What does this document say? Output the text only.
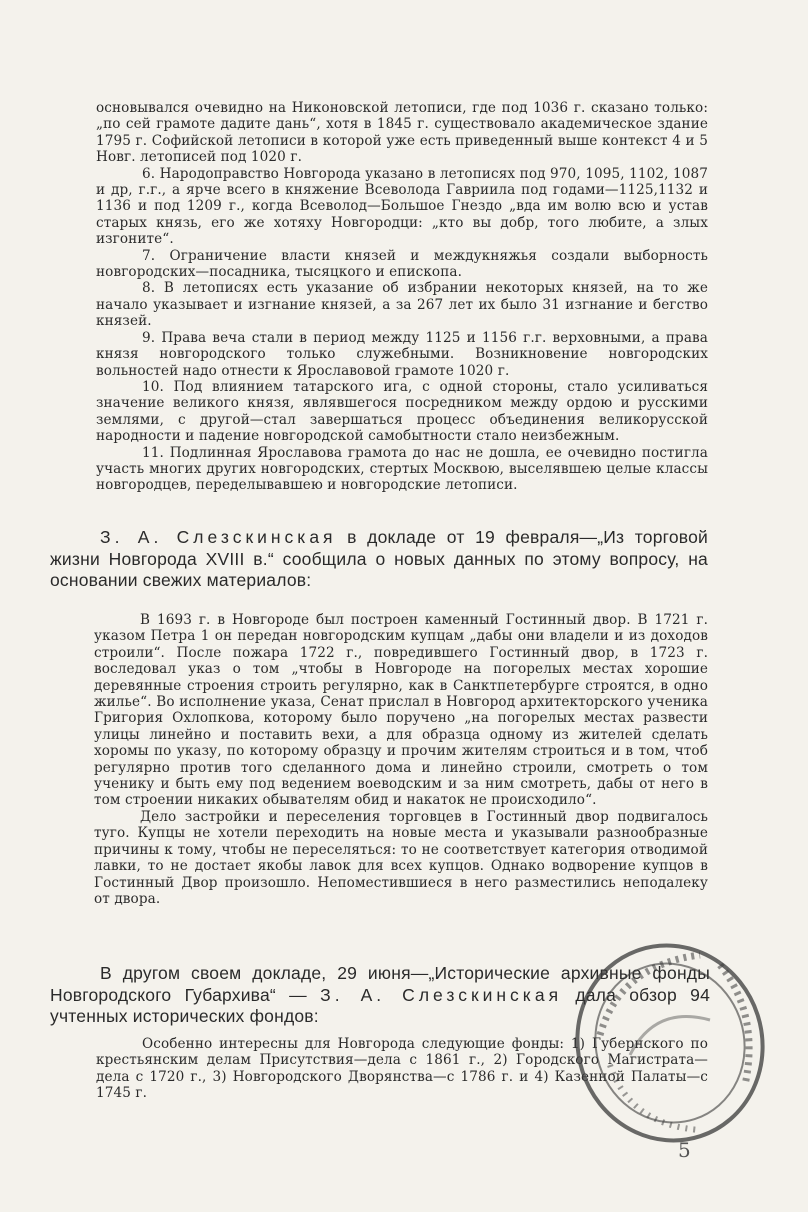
основывался очевидно на Никоновской летописи, где под 1036 г. сказано только: „по сей грамоте дадите дань“, хотя в 1845 г. существовало академическое здание 1795 г. Софийской летописи в которой уже есть приведенный выше контекст 4 и 5 Новг. летописей под 1020 г.

6. Народоправство Новгорода указано в летописях под 970, 1095, 1102, 1087 и др, г.г., а ярче всего в княжение Всеволода Гавриила под годами—1125,1132 и 1136 и под 1209 г., когда Всеволод—Большое Гнездо „вда им волю всю и устав старых князь, его же хотяху Новгородци: „кто вы добр, того любите, а злых изгоните“.

7. Ограничение власти князей и междукняжья создали выборность новгородских—посадника, тысяцкого и епископа.

8. В летописях есть указание об избрании некоторых князей, на то же начало указывает и изгнание князей, а за 267 лет их было 31 изгнание и бегство князей.

9. Права веча стали в период между 1125 и 1156 г.г. верховными, а права князя новгородского только служебными. Возникновение новгородских вольностей надо отнести к Ярославовой грамоте 1020 г.

10. Под влиянием татарского ига, с одной стороны, стало усиливаться значение великого князя, являвшегося посредником между ордою и русскими землями, с другой—стал завершаться процесс объединения великорусской народности и падение новгородской самобытности стало неизбежным.

11. Подлинная Ярославова грамота до нас не дошла, ее очевидно постигла участь многих других новгородских, стертых Москвою, выселявшею целые классы новгородцев, переделывавшею и новгородские летописи.

З. А. Слезскинская в докладе от 19 февраля—„Из торговой жизни Новгорода XVIII в.“ сообщила о новых данных по этому вопросу, на основании свежих материалов:

В 1693 г. в Новгороде был построен каменный Гостинный двор. В 1721 г. указом Петра 1 он передан новгородским купцам „дабы они владели и из доходов строили“. После пожара 1722 г., повредившего Гостинный двор, в 1723 г. воследовал указ о том „чтобы в Новгороде на погорелых местах хорошие деревянные строения строить регулярно, как в Санктпетербурге строятся, в одно жилье“. Во исполнение указа, Сенат прислал в Новгород архитекторского ученика Григория Охлопкова, которому было поручено „на погорелых местах развести улицы линейно и поставить вехи, а для образца одному из жителей сделать хоромы по указу, по которому образцу и прочим жителям строиться и в том, чтоб регулярно против того сделанного дома и линейно строили, смотреть о том ученику и быть ему под ведением воеводским и за ним смотреть, дабы от него в том строении никаких обывателям обид и накаток не происходило“.

Дело застройки и переселения торговцев в Гостинный двор подвигалось туго. Купцы не хотели переходить на новые места и указывали разнообразные причины к тому, чтобы не переселяться: то не соответствует категория отводимой лавки, то не достает якобы лавок для всех купцов. Однако водворение купцов в Гостинный Двор произошло. Непоместившиеся в него разместились неподалеку от двора.

В другом своем докладе, 29 июня—„Исторические архивные фонды Новгородского Губархива“ — З. А. Слезскинская дала обзор 94 учтенных исторических фондов:

Особенно интересны для Новгорода следующие фонды: 1) Губернского по крестьянским делам Присутствия—дела с 1861 г., 2) Городского Магистрата—дела с 1720 г., 3) Новгородского Дворянства—с 1786 г. и 4) Казенной Палаты—с 1745 г.

5
